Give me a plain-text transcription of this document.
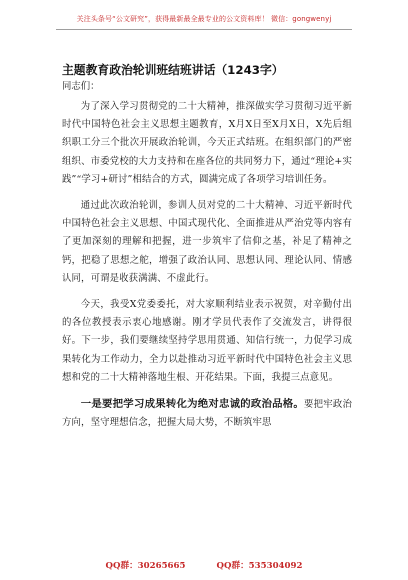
关注头条号“公文研究”，获得最新最全最专业的公文资料库！ 微信：gongwenyj
主题教育政治轮训班结班讲话（1243字）

同志们：

为了深入学习贯彻党的二十大精神，推深做实学习贯彻习近平新时代中国特色社会主义思想主题教育，X月X日至X月X日，X先后组织职工分三个批次开展政治轮训，今天正式结班。在组织部门的严密组织、市委党校的大力支持和在座各位的共同努力下，通过“理论+实践”“学习+研讨”相结合的方式，圆满完成了各项学习培训任务。

通过此次政治轮训，参训人员对党的二十大精神、习近平新时代中国特色社会主义思想、中国式现代化、全面推进从严治党等内容有了更加深刻的理解和把握，进一步筑牢了信仰之基，补足了精神之钙，把稳了思想之舵，增强了政治认同、思想认同、理论认同、情感认同，可谓是收获满满、不虚此行。

今天，我受X党委委托，对大家顺利结业表示祝贺，对辛勤付出的各位教授表示衷心地感谢。刚才学员代表作了交流发言，讲得很好。下一步，我们要继续坚持学思用贯通、知信行统一，力促学习成果转化为工作动力，全力以赴推动习近平新时代中国特色社会主义思想和党的二十大精神落地生根、开花结果。下面，我提三点意见。

一是要把学习成果转化为绝对忠诚的政治品格。要把牢政治方向，坚守理想信念，把握大局大势，不断筑牢思

QQ群：30265665	QQ群：535304092
